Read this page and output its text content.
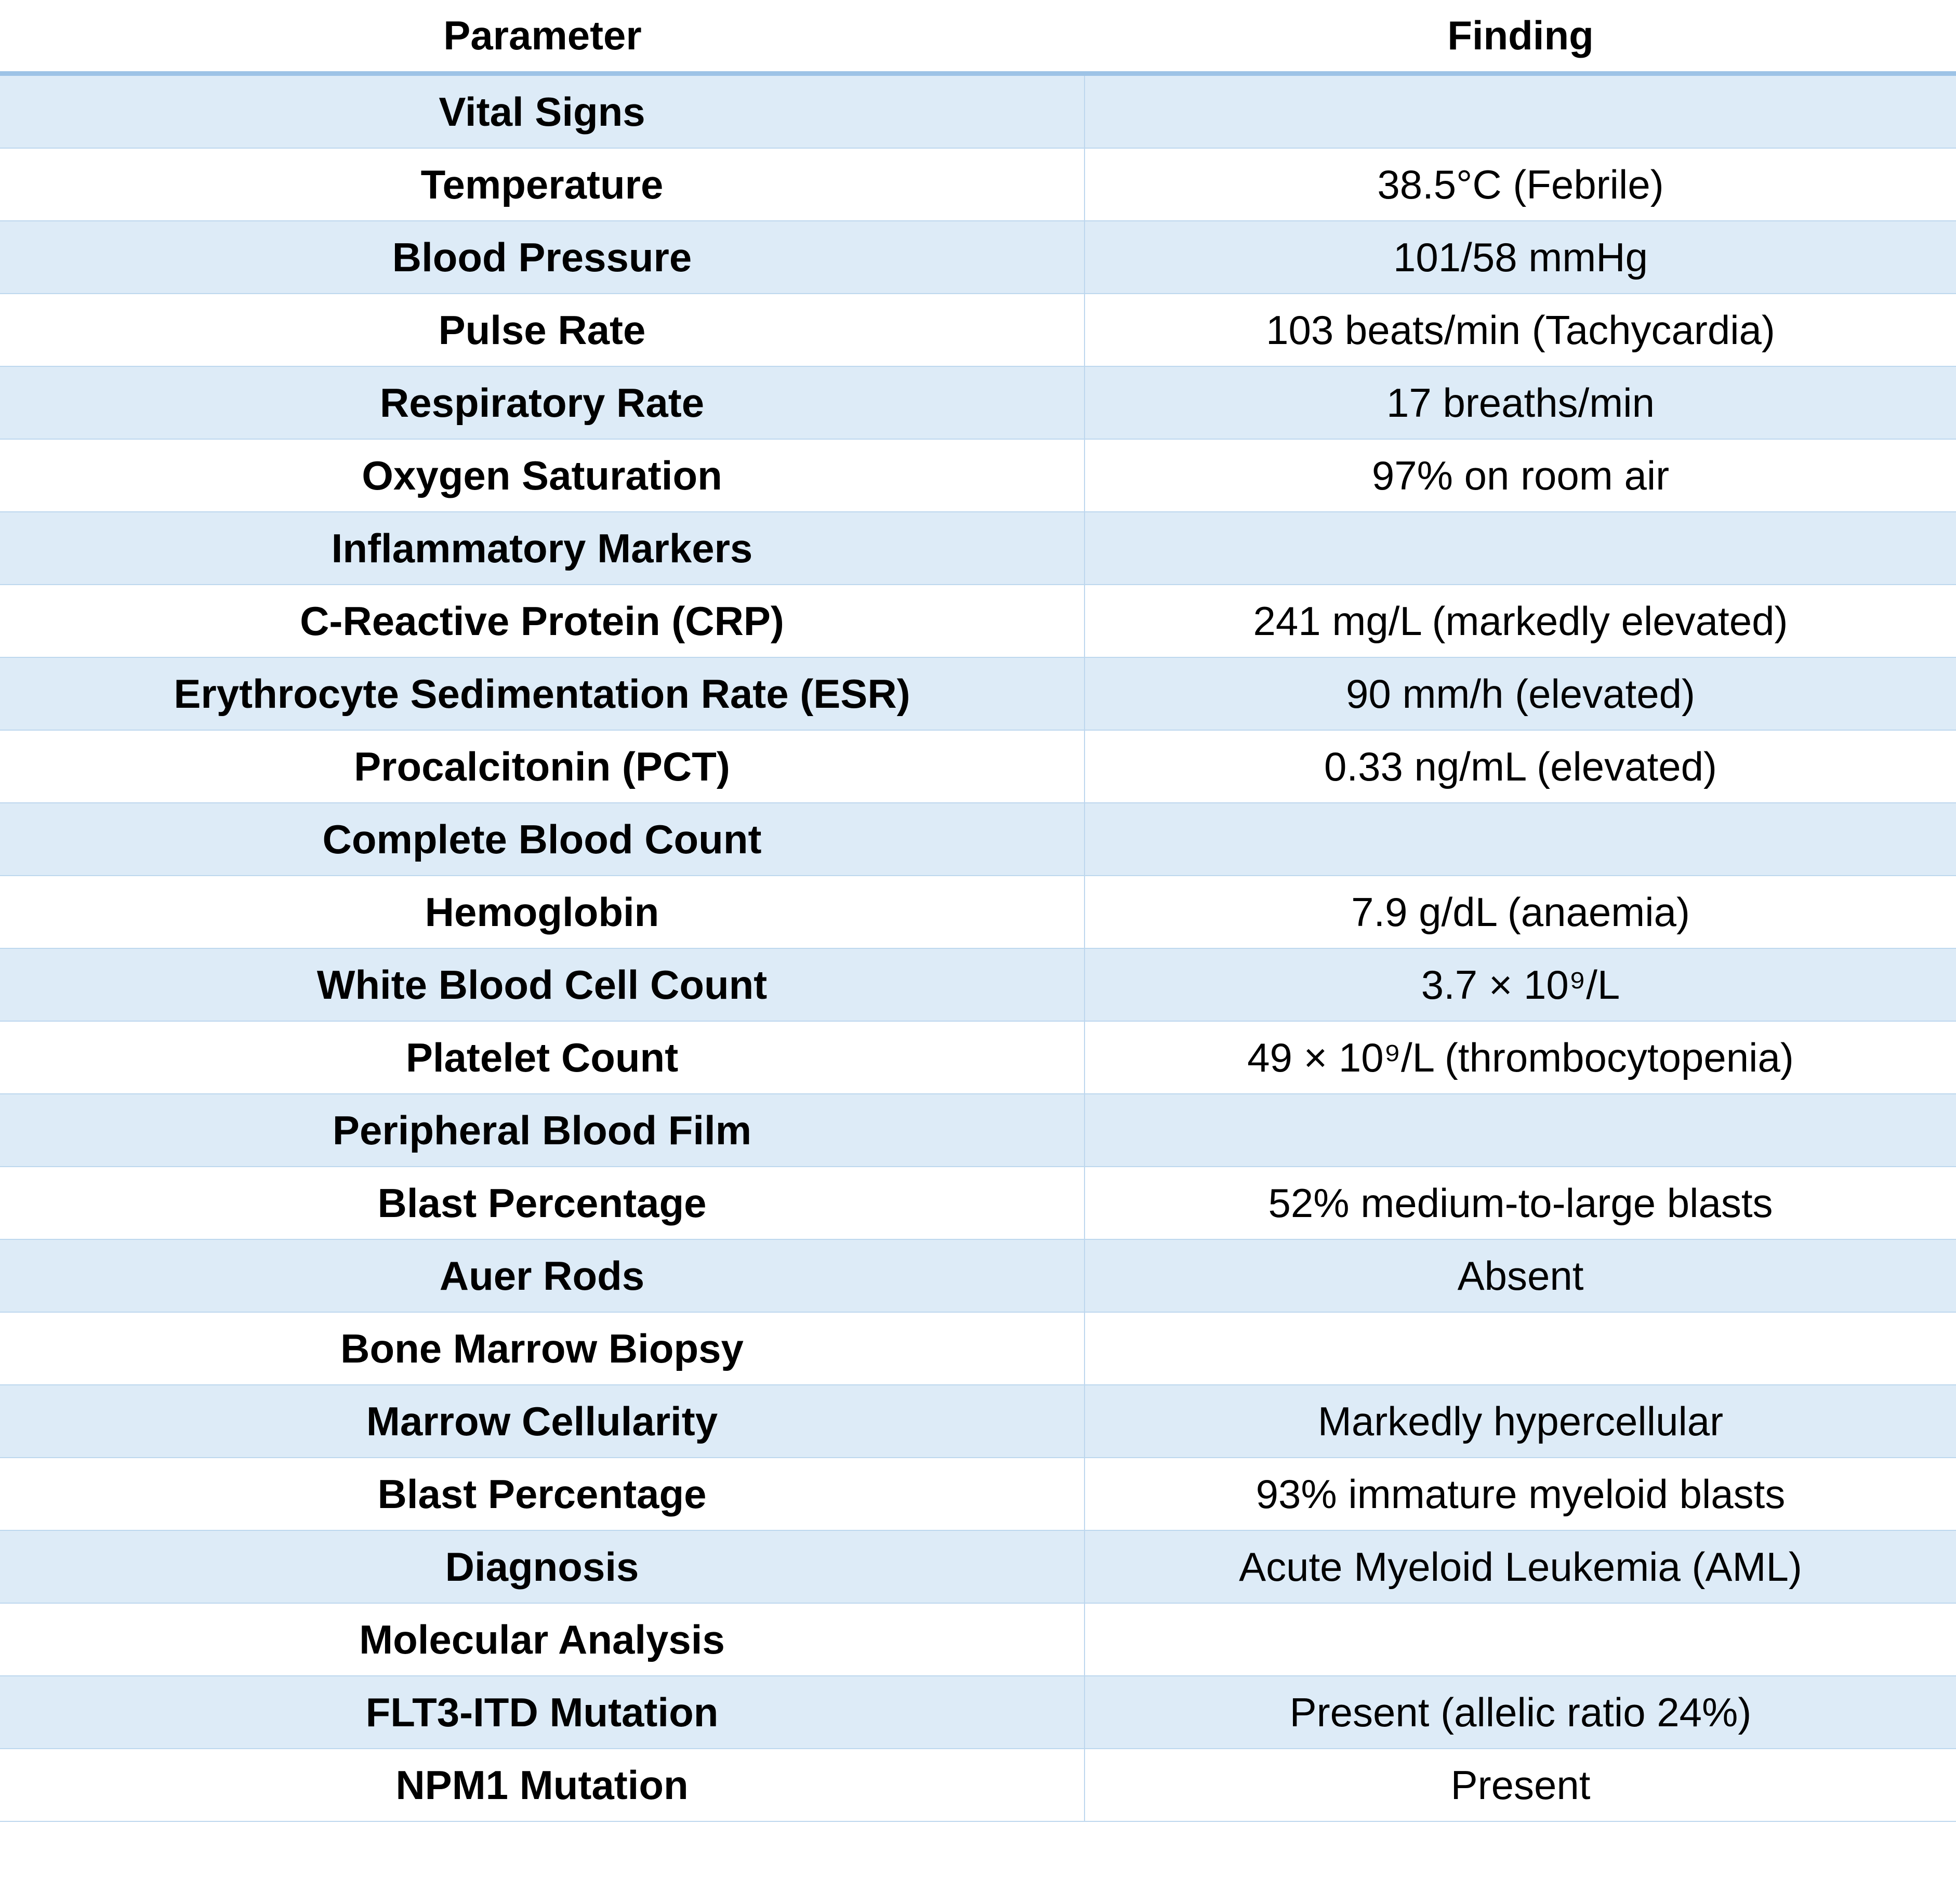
Parameter	Finding
Vital Signs
Temperature	38.5°C (Febrile)
Blood Pressure	101/58 mmHg
Pulse Rate	103 beats/min (Tachycardia)
Respiratory Rate	17 breaths/min
Oxygen Saturation	97% on room air
Inflammatory Markers
C-Reactive Protein (CRP)	241 mg/L (markedly elevated)
Erythrocyte Sedimentation Rate (ESR)	90 mm/h (elevated)
Procalcitonin (PCT)	0.33 ng/mL (elevated)
Complete Blood Count
Hemoglobin	7.9 g/dL (anaemia)
White Blood Cell Count	3.7 × 10⁹/L
Platelet Count	49 × 10⁹/L (thrombocytopenia)
Peripheral Blood Film
Blast Percentage	52% medium-to-large blasts
Auer Rods	Absent
Bone Marrow Biopsy
Marrow Cellularity	Markedly hypercellular
Blast Percentage	93% immature myeloid blasts
Diagnosis	Acute Myeloid Leukemia (AML)
Molecular Analysis
FLT3-ITD Mutation	Present (allelic ratio 24%)
NPM1 Mutation	Present
